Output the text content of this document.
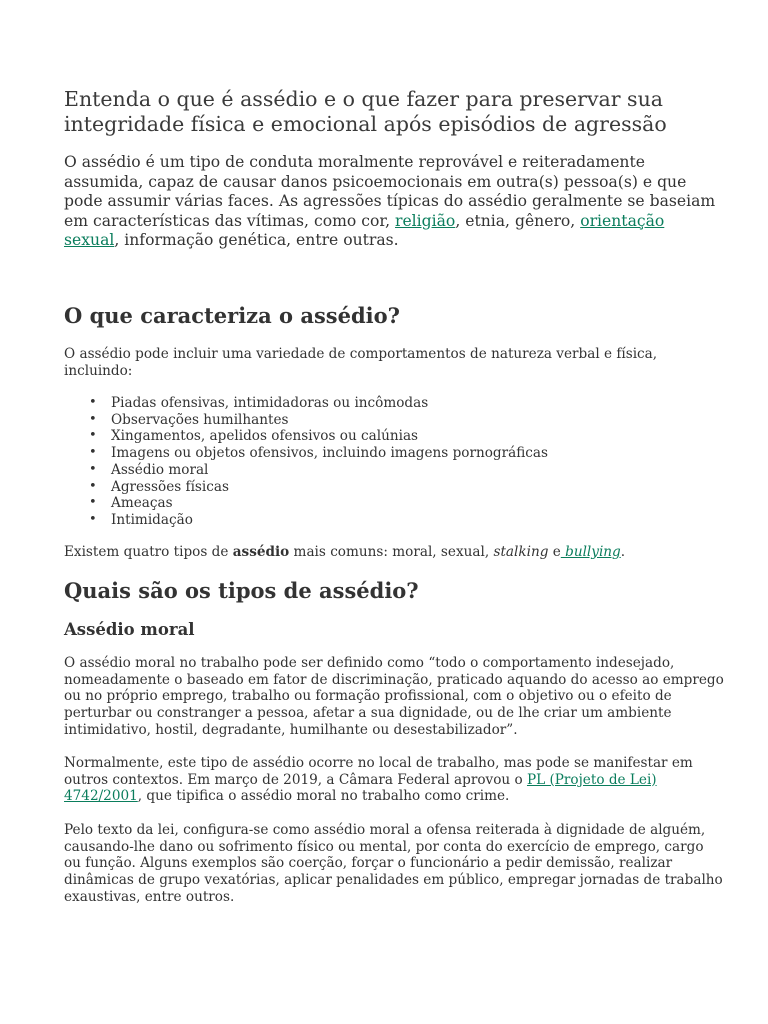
Entenda o que é assédio e o que fazer para preservar sua integridade física e emocional após episódios de agressão

O assédio é um tipo de conduta moralmente reprovável e reiteradamente assumida, capaz de causar danos psicoemocionais em outra(s) pessoa(s) e que pode assumir várias faces. As agressões típicas do assédio geralmente se baseiam em características das vítimas, como cor, religião, etnia, gênero, orientação sexual, informação genética, entre outras.

O que caracteriza o assédio?

O assédio pode incluir uma variedade de comportamentos de natureza verbal e física, incluindo:

• Piadas ofensivas, intimidadoras ou incômodas
• Observações humilhantes
• Xingamentos, apelidos ofensivos ou calúnias
• Imagens ou objetos ofensivos, incluindo imagens pornográficas
• Assédio moral
• Agressões físicas
• Ameaças
• Intimidação

Existem quatro tipos de assédio mais comuns: moral, sexual, stalking e bullying.

Quais são os tipos de assédio?
Assédio moral

O assédio moral no trabalho pode ser definido como “todo o comportamento indesejado, nomeadamente o baseado em fator de discriminação, praticado aquando do acesso ao emprego ou no próprio emprego, trabalho ou formação profissional, com o objetivo ou o efeito de perturbar ou constranger a pessoa, afetar a sua dignidade, ou de lhe criar um ambiente intimidativo, hostil, degradante, humilhante ou desestabilizador”.

Normalmente, este tipo de assédio ocorre no local de trabalho, mas pode se manifestar em outros contextos. Em março de 2019, a Câmara Federal aprovou o PL (Projeto de Lei) 4742/2001, que tipifica o assédio moral no trabalho como crime.

Pelo texto da lei, configura-se como assédio moral a ofensa reiterada à dignidade de alguém, causando-lhe dano ou sofrimento físico ou mental, por conta do exercício de emprego, cargo ou função. Alguns exemplos são coerção, forçar o funcionário a pedir demissão, realizar dinâmicas de grupo vexatórias, aplicar penalidades em público, empregar jornadas de trabalho exaustivas, entre outros.
